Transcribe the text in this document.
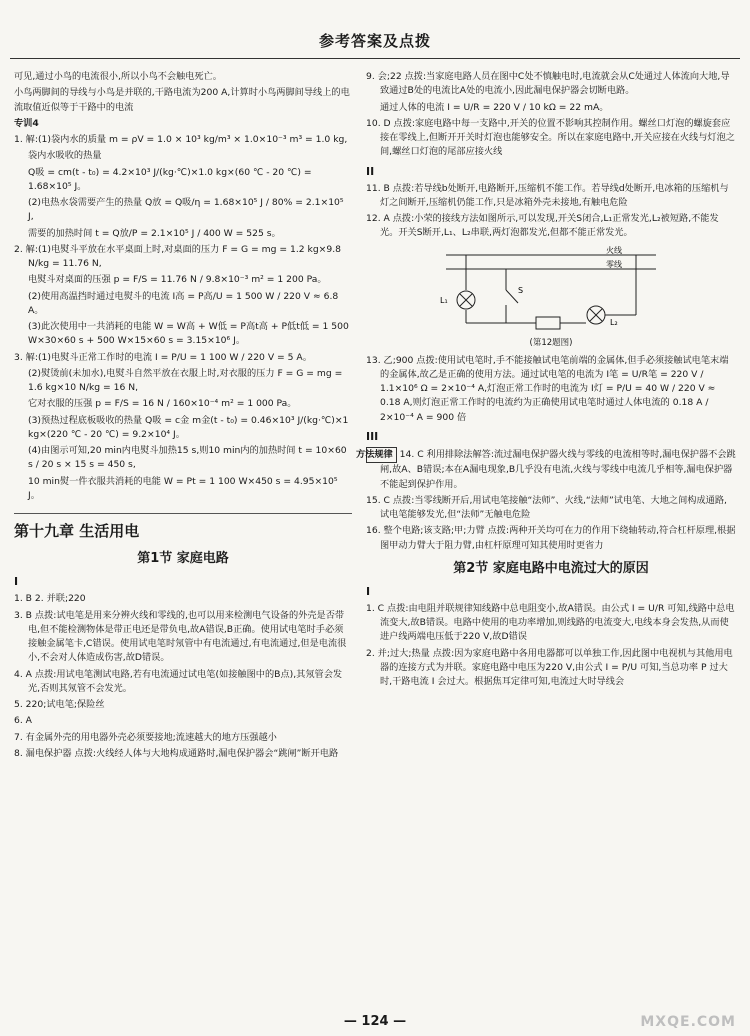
参考答案及点拨

可见,通过小鸟的电流很小,所以小鸟不会触电死亡。

小鸟两脚间的导线与小鸟是并联的,干路电流为200 A,计算时小鸟两脚间导线上的电流取值近似等于干路中的电流

专训4

1. 解:(1)袋内水的质量 m = ρV = 1.0 × 10³ kg/m³ × 1.0×10⁻³ m³ = 1.0 kg,

袋内水吸收的热量

Q吸 = cm(t - t₀) = 4.2×10³ J/(kg·℃)×1.0 kg×(60 ℃ - 20 ℃) = 1.68×10⁵ J。

(2)电热水袋需要产生的热量 Q放 = Q吸/η = 1.68×10⁵ J / 80% = 2.1×10⁵ J,

需要的加热时间 t = Q放/P = 2.1×10⁵ J / 400 W = 525 s。

2. 解:(1)电熨斗平放在水平桌面上时,对桌面的压力 F = G = mg = 1.2 kg×9.8 N/kg = 11.76 N,

电熨斗对桌面的压强 p = F/S = 11.76 N / 9.8×10⁻³ m² = 1 200 Pa。

(2)使用高温挡时通过电熨斗的电流 I高 = P高/U = 1 500 W / 220 V ≈ 6.8 A。

(3)此次使用中一共消耗的电能 W = W高 + W低 = P高t高 + P低t低 = 1 500 W×30×60 s + 500 W×15×60 s = 3.15×10⁶ J。

3. 解:(1)电熨斗正常工作时的电流 I = P/U = 1 100 W / 220 V = 5 A。

(2)熨烫前(未加水),电熨斗自然平放在衣服上时,对衣服的压力 F = G = mg = 1.6 kg×10 N/kg = 16 N,

它对衣服的压强 p = F/S = 16 N / 160×10⁻⁴ m² = 1 000 Pa。

(3)预热过程底板吸收的热量 Q吸 = c金 m金(t - t₀) = 0.46×10³ J/(kg·℃)×1 kg×(220 ℃ - 20 ℃) = 9.2×10⁴ J。

(4)由图示可知,20 min内电熨斗加热15 s,则10 min内的加热时间 t = 10×60 s / 20 s × 15 s = 450 s,

10 min熨一件衣服共消耗的电能 W = Pt = 1 100 W×450 s = 4.95×10⁵ J。

第十九章 生活用电
第1节 家庭电路
I

1. B 2. 并联;220

3. B 点拨:试电笔是用来分辨火线和零线的,也可以用来检测电气设备的外壳是否带电,但不能检测物体是带正电还是带负电,故A错误,B正确。使用试电笔时手必须接触金属笔卡,C错误。使用试电笔时氖管中有电流通过,有电流通过,但是电流很小,不会对人体造成伤害,故D错误。

4. A 点拨:用试电笔测试电路,若有电流通过试电笔(如接触图中的B点),其氖管会发光,否则其氖管不会发光。

5. 220;试电笔;保险丝

6. A

7. 有金属外壳的用电器外壳必须要接地;流速越大的地方压强越小

8. 漏电保护器 点拨:火线经人体与大地构成通路时,漏电保护器会“跳闸”断开电路

9. 会;22 点拨:当家庭电路人员在图中C处不慎触电时,电流就会从C处通过人体流向大地,导致通过B处的电流比A处的电流小,因此漏电保护器会切断电路。

通过人体的电流 I = U/R = 220 V / 10 kΩ = 22 mA。

10. D 点拨:家庭电路中每一支路中,开关的位置不影响其控制作用。螺丝口灯泡的螺旋套应接在零线上,但断开开关时灯泡也能够安全。所以在家庭电路中,开关应接在火线与灯泡之间,螺丝口灯泡的尾部应接火线

II

11. B 点拨:若导线b处断开,电路断开,压缩机不能工作。若导线d处断开,电冰箱的压缩机与灯之间断开,压缩机仍能工作,只是冰箱外壳未接地,有触电危险

12. A 点拨:小荣的接线方法如图所示,可以发现,开关S闭合,L₁正常发光,L₂被短路,不能发光。开关S断开,L₁、L₂串联,两灯泡都发光,但都不能正常发光。

火线
零线
L₁
S
L₂
(第12题图)

13. 乙;900 点拨:使用试电笔时,手不能接触试电笔前端的金属体,但手必须接触试电笔末端的金属体,故乙是正确的使用方法。通过试电笔的电流为 I笔 = U/R笔 = 220 V / 1.1×10⁶ Ω = 2×10⁻⁴ A,灯泡正常工作时的电流为 I灯 = P/U = 40 W / 220 V ≈ 0.18 A,则灯泡正常工作时的电流约为正确使用试电笔时通过人体电流的 0.18 A / 2×10⁻⁴ A = 900 倍

III

方法规律 14. C 利用排除法解答:流过漏电保护器火线与零线的电流相等时,漏电保护器不会跳闸,故A、B错误;本在A漏电现象,B几乎没有电流,火线与零线中电流几乎相等,漏电保护器不能起到保护作用。

15. C 点拨:当零线断开后,用试电笔接触“法师”、火线,“法师”试电笔、大地之间构成通路,试电笔能够发光,但“法师”无触电危险

16. 整个电路;该支路;甲;力臂 点拨:两种开关均可在力的作用下绕轴转动,符合杠杆原理,根据图甲动力臂大于阻力臂,由杠杆原理可知其使用时更省力

第2节 家庭电路中电流过大的原因
I

1. C 点拨:由电阻并联规律知线路中总电阻变小,故A错误。由公式 I = U/R 可知,线路中总电流变大,故B错误。电路中使用的电功率增加,则线路的电流变大,电线本身会发热,从而使进户线两端电压低于220 V,故D错误

2. 并;过大;热量 点拨:因为家庭电路中各用电器都可以单独工作,因此图中电视机与其他用电器的连接方式为并联。家庭电路中电压为220 V,由公式 I = P/U 可知,当总功率 P 过大时,干路电流 I 会过大。根据焦耳定律可知,电流过大时导线会

— 124 —	MXQE.COM
